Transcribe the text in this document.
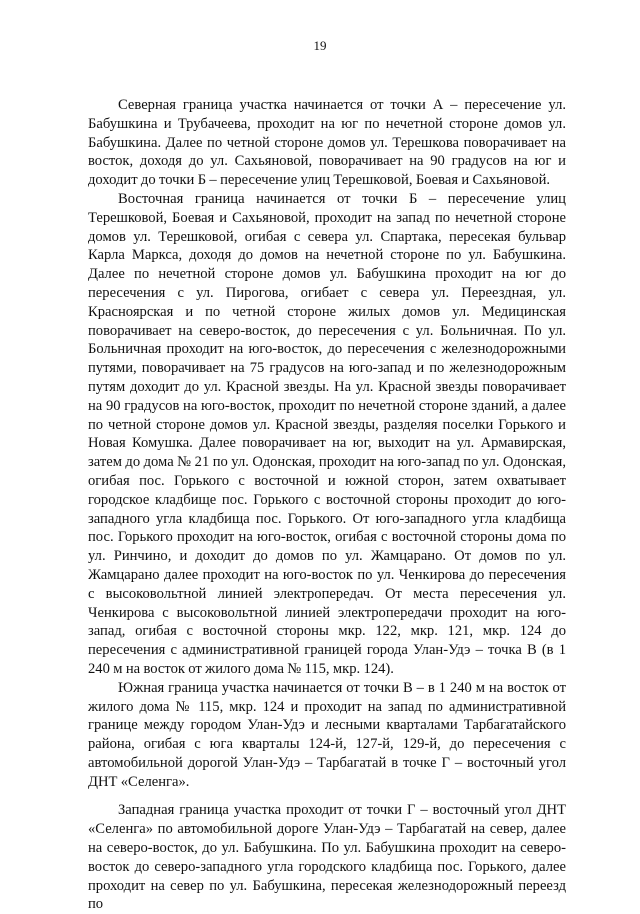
19

Северная граница участка начинается от точки А – пересечение ул. Бабушкина и Трубачеева, проходит на юг по нечетной стороне домов ул. Бабушкина. Далее по четной стороне домов ул. Терешкова поворачивает на восток, доходя до ул. Сахьяновой, поворачивает на 90 градусов на юг и доходит до точки Б – пересечение улиц Терешковой, Боевая и Сахьяновой.

Восточная граница начинается от точки Б – пересечение улиц Терешковой, Боевая и Сахьяновой, проходит на запад по нечетной стороне домов ул. Терешковой, огибая с севера ул. Спартака, пересекая бульвар Карла Маркса, доходя до домов на нечетной стороне по ул. Бабушкина. Далее по нечетной стороне домов ул. Бабушкина проходит на юг до пересечения с ул. Пирогова, огибает с севера ул. Переездная, ул. Красноярская и по четной стороне жилых домов ул. Медицинская поворачивает на северо-восток, до пересечения с ул. Больничная. По ул. Больничная проходит на юго-восток, до пересечения с железнодорожными путями, поворачивает на 75 градусов на юго-запад и по железнодорожным путям доходит до ул. Красной звезды. На ул. Красной звезды поворачивает на 90 градусов на юго-восток, проходит по нечетной стороне зданий, а далее по четной стороне домов ул. Красной звезды, разделяя поселки Горького и Новая Комушка. Далее поворачивает на юг, выходит на ул. Армавирская, затем до дома № 21 по ул. Одонская, проходит на юго-запад по ул. Одонская, огибая пос. Горького с восточной и южной сторон, затем охватывает городское кладбище пос. Горького с восточной стороны проходит до юго-западного угла кладбища пос. Горького. От юго-западного угла кладбища пос. Горького проходит на юго-восток, огибая с восточной стороны дома по ул. Ринчино, и доходит до домов по ул. Жамцарано. От домов по ул. Жамцарано далее проходит на юго-восток по ул. Ченкирова до пересечения с высоковольтной линией электропередач. От места пересечения ул. Ченкирова с высоковольтной линией электропередачи проходит на юго-запад, огибая с восточной стороны мкр. 122, мкр. 121, мкр. 124 до пересечения с административной границей города Улан-Удэ – точка В (в 1 240 м на восток от жилого дома № 115, мкр. 124).

Южная граница участка начинается от точки В – в 1 240 м на восток от жилого дома № 115, мкр. 124 и проходит на запад по административной границе между городом Улан-Удэ и лесными кварталами Тарбагатайского района, огибая с юга кварталы 124-й, 127-й, 129-й, до пересечения с автомобильной дорогой Улан-Удэ – Тарбагатай в точке Г – восточный угол ДНТ «Селенга».

Западная граница участка проходит от точки Г – восточный угол ДНТ «Селенга» по автомобильной дороге Улан-Удэ – Тарбагатай на север, далее на северо-восток, до ул. Бабушкина. По ул. Бабушкина проходит на северо-восток до северо-западного угла городского кладбища пос. Горького, далее проходит на север по ул. Бабушкина, пересекая железнодорожный переезд по
